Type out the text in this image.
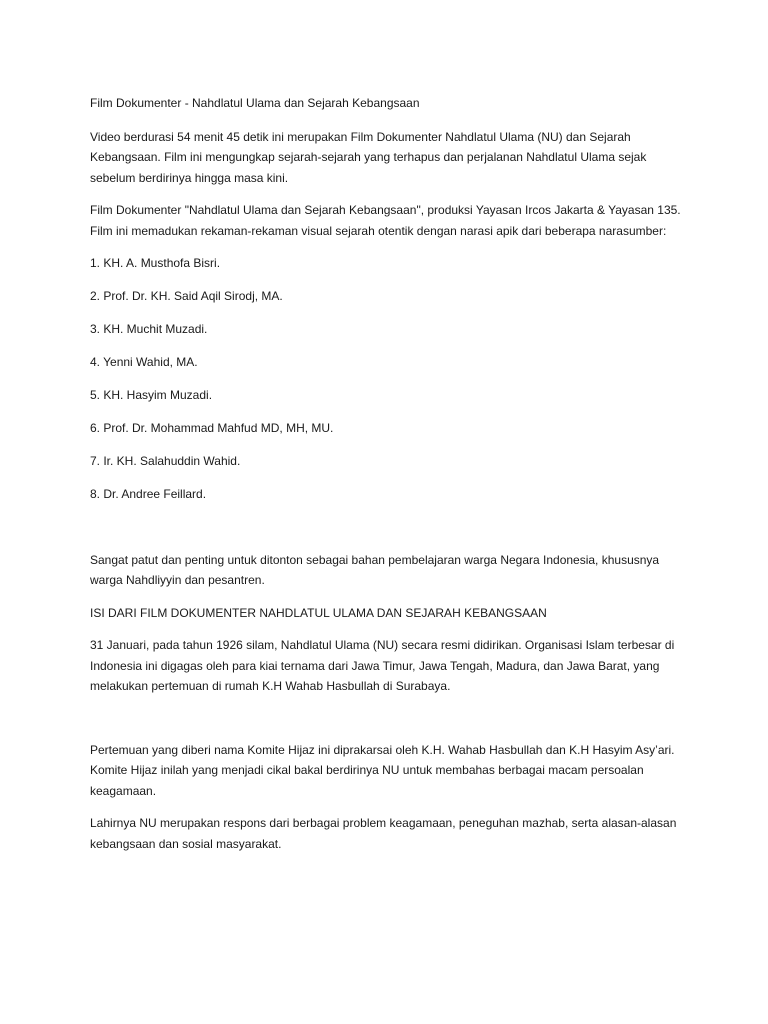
Film Dokumenter - Nahdlatul Ulama dan Sejarah Kebangsaan

Video berdurasi 54 menit 45 detik ini merupakan Film Dokumenter Nahdlatul Ulama (NU) dan Sejarah Kebangsaan. Film ini mengungkap sejarah-sejarah yang terhapus dan perjalanan Nahdlatul Ulama sejak sebelum berdirinya hingga masa kini.

Film Dokumenter "Nahdlatul Ulama dan Sejarah Kebangsaan", produksi Yayasan Ircos Jakarta & Yayasan 135. Film ini memadukan rekaman-rekaman visual sejarah otentik dengan narasi apik dari beberapa narasumber:

1. KH. A. Musthofa Bisri.

2. Prof. Dr. KH. Said Aqil Sirodj, MA.

3. KH. Muchit Muzadi.

4. Yenni Wahid, MA.

5. KH. Hasyim Muzadi.

6. Prof. Dr. Mohammad Mahfud MD, MH, MU.

7. Ir. KH. Salahuddin Wahid.

8. Dr. Andree Feillard.

Sangat patut dan penting untuk ditonton sebagai bahan pembelajaran warga Negara Indonesia, khususnya warga Nahdliyyin dan pesantren.

ISI DARI FILM DOKUMENTER NAHDLATUL ULAMA DAN SEJARAH KEBANGSAAN

31 Januari, pada tahun 1926 silam, Nahdlatul Ulama (NU) secara resmi didirikan. Organisasi Islam terbesar di Indonesia ini digagas oleh para kiai ternama dari Jawa Timur, Jawa Tengah, Madura, dan Jawa Barat, yang melakukan pertemuan di rumah K.H Wahab Hasbullah di Surabaya.

Pertemuan yang diberi nama Komite Hijaz ini diprakarsai oleh K.H. Wahab Hasbullah dan K.H Hasyim Asy’ari. Komite Hijaz inilah yang menjadi cikal bakal berdirinya NU untuk membahas berbagai macam persoalan keagamaan.

Lahirnya NU merupakan respons dari berbagai problem keagamaan, peneguhan mazhab, serta alasan-alasan kebangsaan dan sosial masyarakat.
